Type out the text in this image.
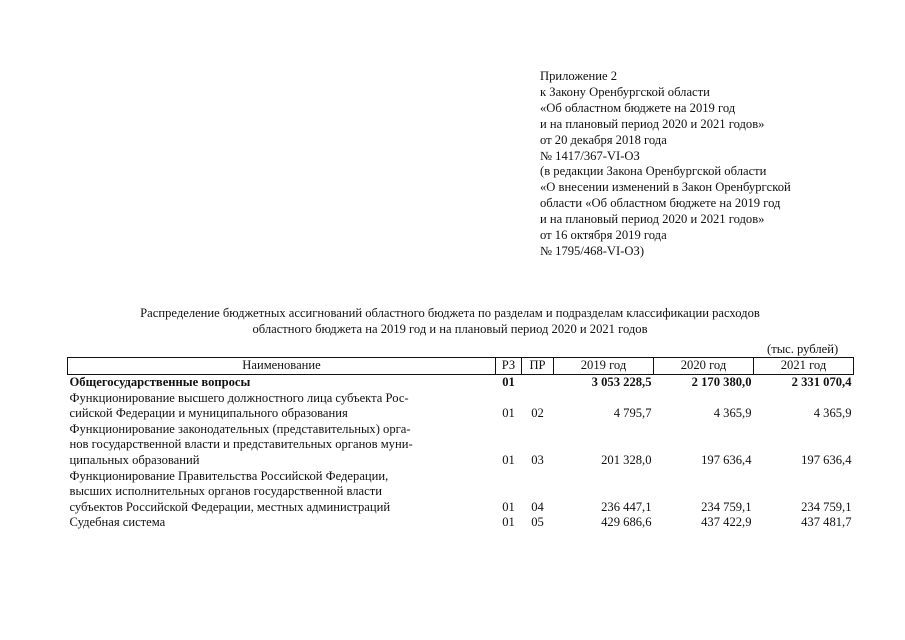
Приложение 2
к Закону Оренбургской области
«Об областном бюджете на 2019 год
и на плановый период 2020 и 2021 годов»
от 20 декабря 2018 года
№ 1417/367-VI-ОЗ
(в редакции Закона Оренбургской области
«О внесении изменений в Закон Оренбургской
области «Об областном бюджете на 2019 год
и на плановый период 2020 и 2021 годов»
от 16 октября 2019 года
№ 1795/468-VI-ОЗ)
Распределение бюджетных ассигнований областного бюджета по разделам и подразделам классификации расходов
областного бюджета на 2019 год и на плановый период 2020 и 2021 годов
(тыс. рублей)
Наименование	РЗ	ПР	2019 год	2020 год	2021 год

Общегосударственные вопросы	01		3 053 228,5	2 170 380,0	2 331 070,4

Функционирование высшего должностного лица субъекта Рос-
сийской Федерации и муниципального образования	01	02	4 795,7	4 365,9	4 365,9

Функционирование законодательных (представительных) орга-
нов государственной власти и представительных органов муни-
ципальных образований	01	03	201 328,0	197 636,4	197 636,4

Функционирование Правительства Российской Федерации,
высших исполнительных органов государственной власти
субъектов Российской Федерации, местных администраций	01	04	236 447,1	234 759,1	234 759,1

Судебная система	01	05	429 686,6	437 422,9	437 481,7
